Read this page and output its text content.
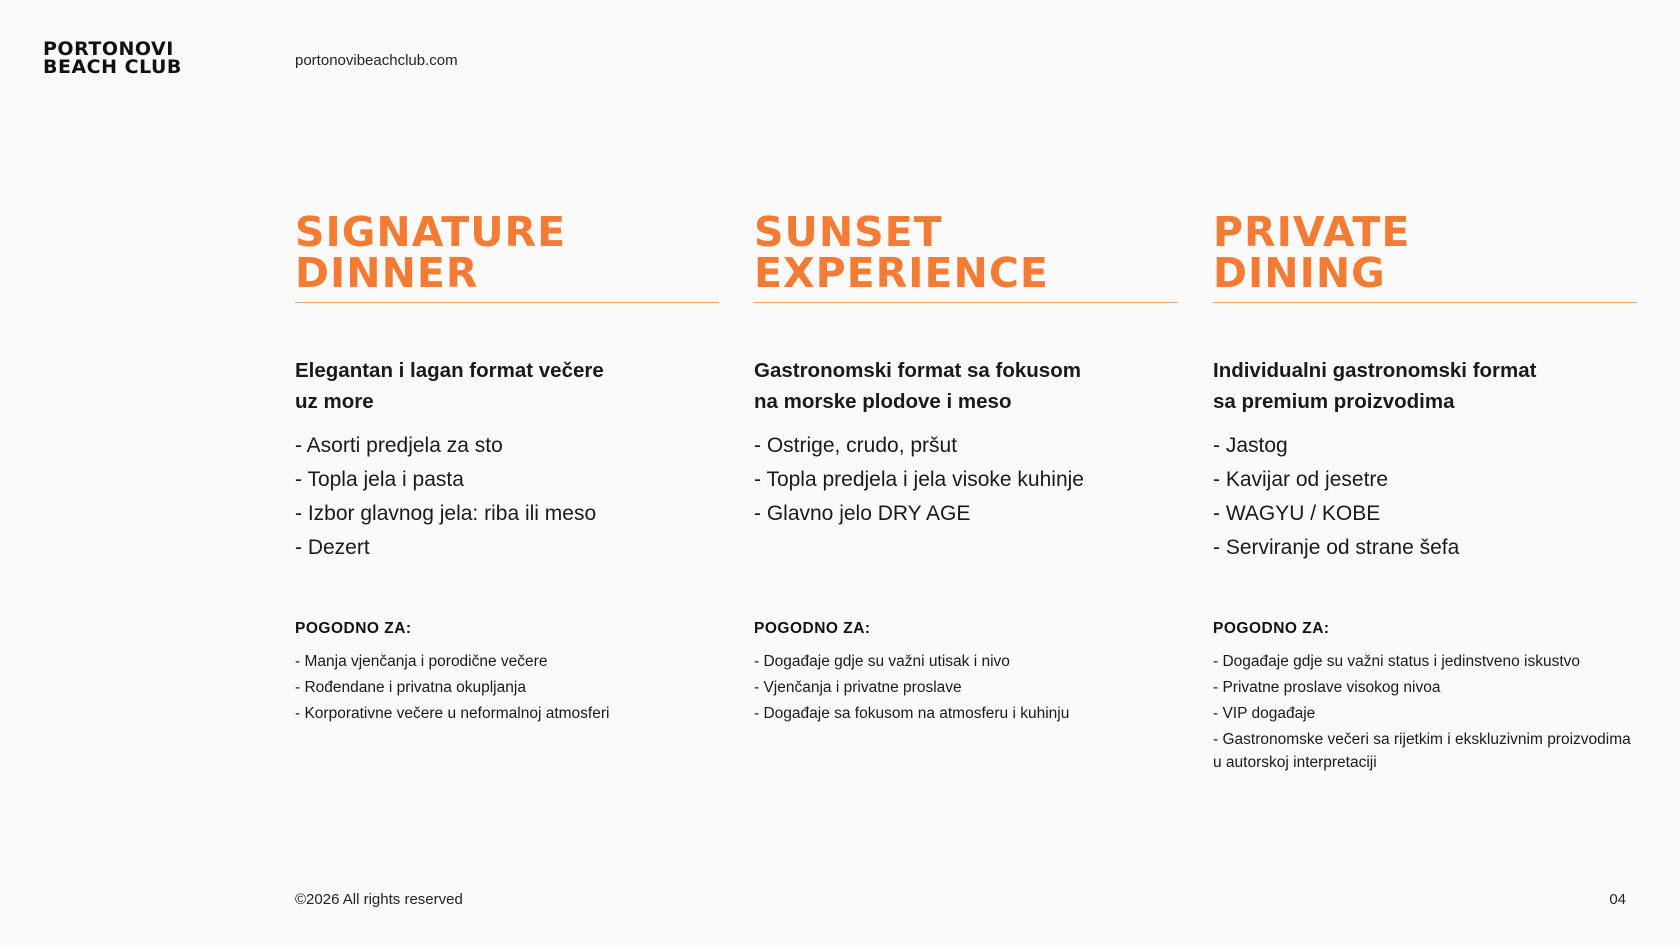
PORTONOVI
BEACH CLUB	portonovibeachclub.com
SIGNATURE
DINNER
Elegantan i lagan format večere
uz more
- Asorti predjela za sto
- Topla jela i pasta
- Izbor glavnog jela: riba ili meso
- Dezert
POGODNO ZA:
- Manja vjenčanja i porodične večere
- Rođendane i privatna okupljanja
- Korporativne večere u neformalnoj atmosferi
SUNSET
EXPERIENCE
Gastronomski format sa fokusom
na morske plodove i meso
- Ostrige, crudo, pršut
- Topla predjela i jela visoke kuhinje
- Glavno jelo DRY AGE
POGODNO ZA:
- Događaje gdje su važni utisak i nivo
- Vjenčanja i privatne proslave
- Događaje sa fokusom na atmosferu i kuhinju
PRIVATE
DINING
Individualni gastronomski format
sa premium proizvodima
- Jastog
- Kavijar od jesetre
- WAGYU / KOBE
- Serviranje od strane šefa
POGODNO ZA:
- Događaje gdje su važni status i jedinstveno iskustvo
- Privatne proslave visokog nivoa
- VIP događaje
- Gastronomske večeri sa rijetkim i ekskluzivnim proizvodima u autorskoj interpretaciji
©2026 All rights reserved	04
